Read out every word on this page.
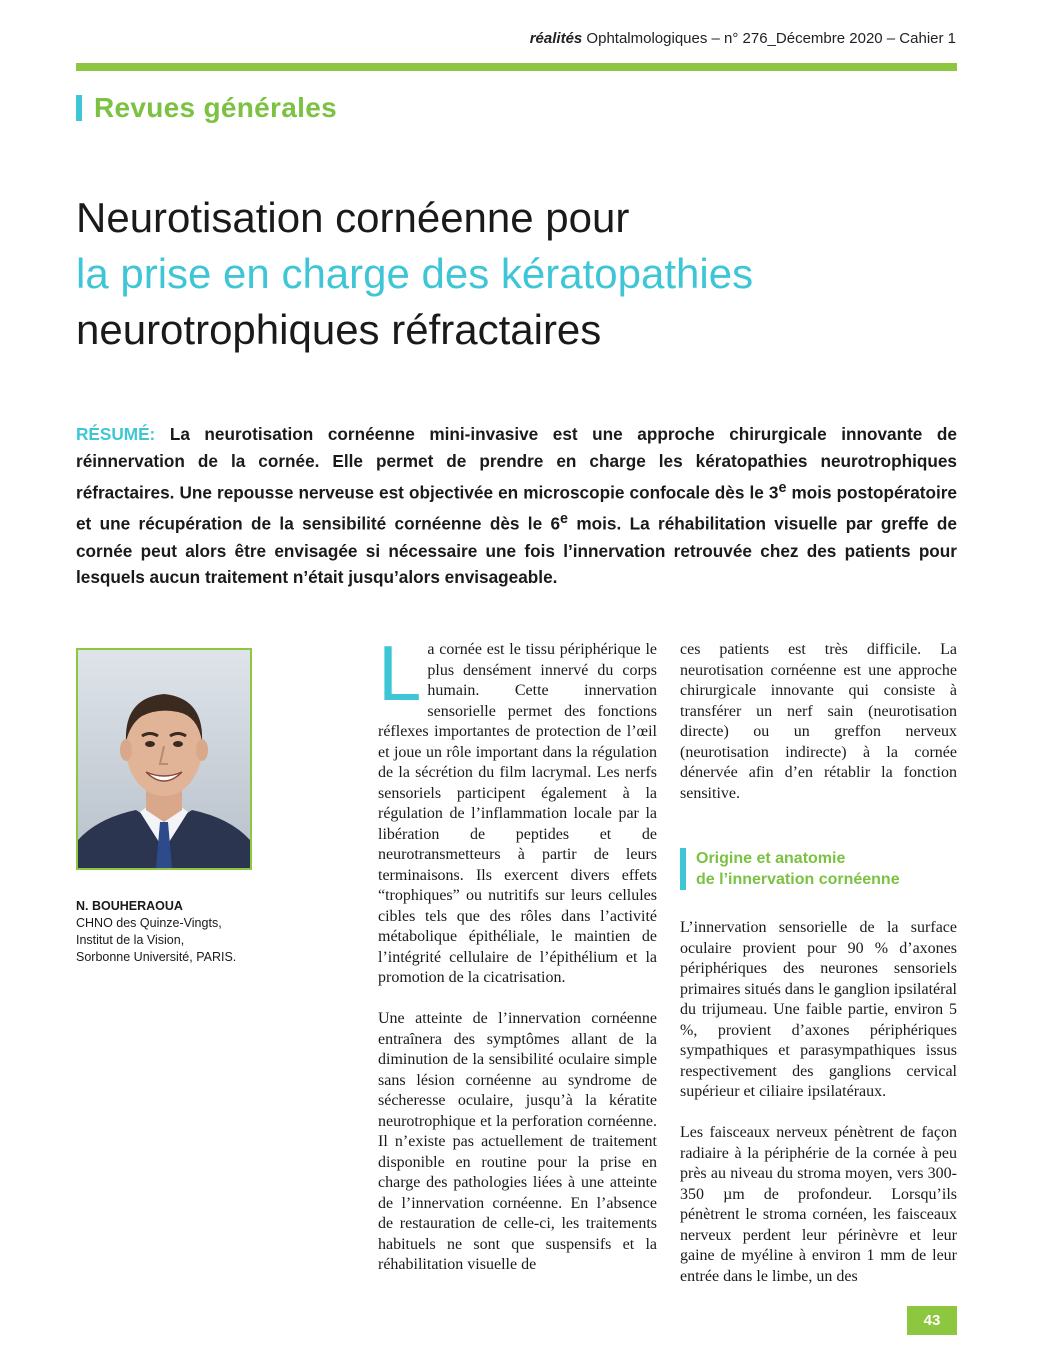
réalités Ophtalmologiques – n° 276_Décembre 2020 – Cahier 1
Revues générales
Neurotisation cornéenne pour
la prise en charge des kératopathies
neurotrophiques réfractaires
RÉSUMÉ: La neurotisation cornéenne mini-invasive est une approche chirurgicale innovante de réinnervation de la cornée. Elle permet de prendre en charge les kératopathies neurotrophiques réfractaires. Une repousse nerveuse est objectivée en microscopie confocale dès le 3e mois postopératoire et une récupération de la sensibilité cornéenne dès le 6e mois. La réhabilitation visuelle par greffe de cornée peut alors être envisagée si nécessaire une fois l’innervation retrouvée chez des patients pour lesquels aucun traitement n’était jusqu’alors envisageable.
N. BOUHERAOUA
CHNO des Quinze-Vingts,
Institut de la Vision,
Sorbonne Université, PARIS.

La cornée est le tissu périphérique le plus densément innervé du corps humain. Cette innervation sensorielle permet des fonctions réflexes importantes de protection de l’œil et joue un rôle important dans la régulation de la sécrétion du film lacrymal. Les nerfs sensoriels participent également à la régulation de l’inflammation locale par la libération de peptides et de neurotransmetteurs à partir de leurs terminaisons. Ils exercent divers effets “trophiques” ou nutritifs sur leurs cellules cibles tels que des rôles dans l’activité métabolique épithéliale, le maintien de l’intégrité cellulaire de l’épithélium et la promotion de la cicatrisation.

Une atteinte de l’innervation cornéenne entraînera des symptômes allant de la diminution de la sensibilité oculaire simple sans lésion cornéenne au syndrome de sécheresse oculaire, jusqu’à la kératite neurotrophique et la perforation cornéenne. Il n’existe pas actuellement de traitement disponible en routine pour la prise en charge des pathologies liées à une atteinte de l’innervation cornéenne. En l’absence de restauration de celle-ci, les traitements habituels ne sont que suspensifs et la réhabilitation visuelle de

ces patients est très difficile. La neurotisation cornéenne est une approche chirurgicale innovante qui consiste à transférer un nerf sain (neurotisation directe) ou un greffon nerveux (neurotisation indirecte) à la cornée dénervée afin d’en rétablir la fonction sensitive.

Origine et anatomie
de l’innervation cornéenne

L’innervation sensorielle de la surface oculaire provient pour 90 % d’axones périphériques des neurones sensoriels primaires situés dans le ganglion ipsilatéral du trijumeau. Une faible partie, environ 5 %, provient d’axones périphériques sympathiques et parasympathiques issus respectivement des ganglions cervical supérieur et ciliaire ipsilatéraux.

Les faisceaux nerveux pénètrent de façon radiaire à la périphérie de la cornée à peu près au niveau du stroma moyen, vers 300-350 µm de profondeur. Lorsqu’ils pénètrent le stroma cornéen, les faisceaux nerveux perdent leur périnèvre et leur gaine de myéline à environ 1 mm de leur entrée dans le limbe, un des

43
